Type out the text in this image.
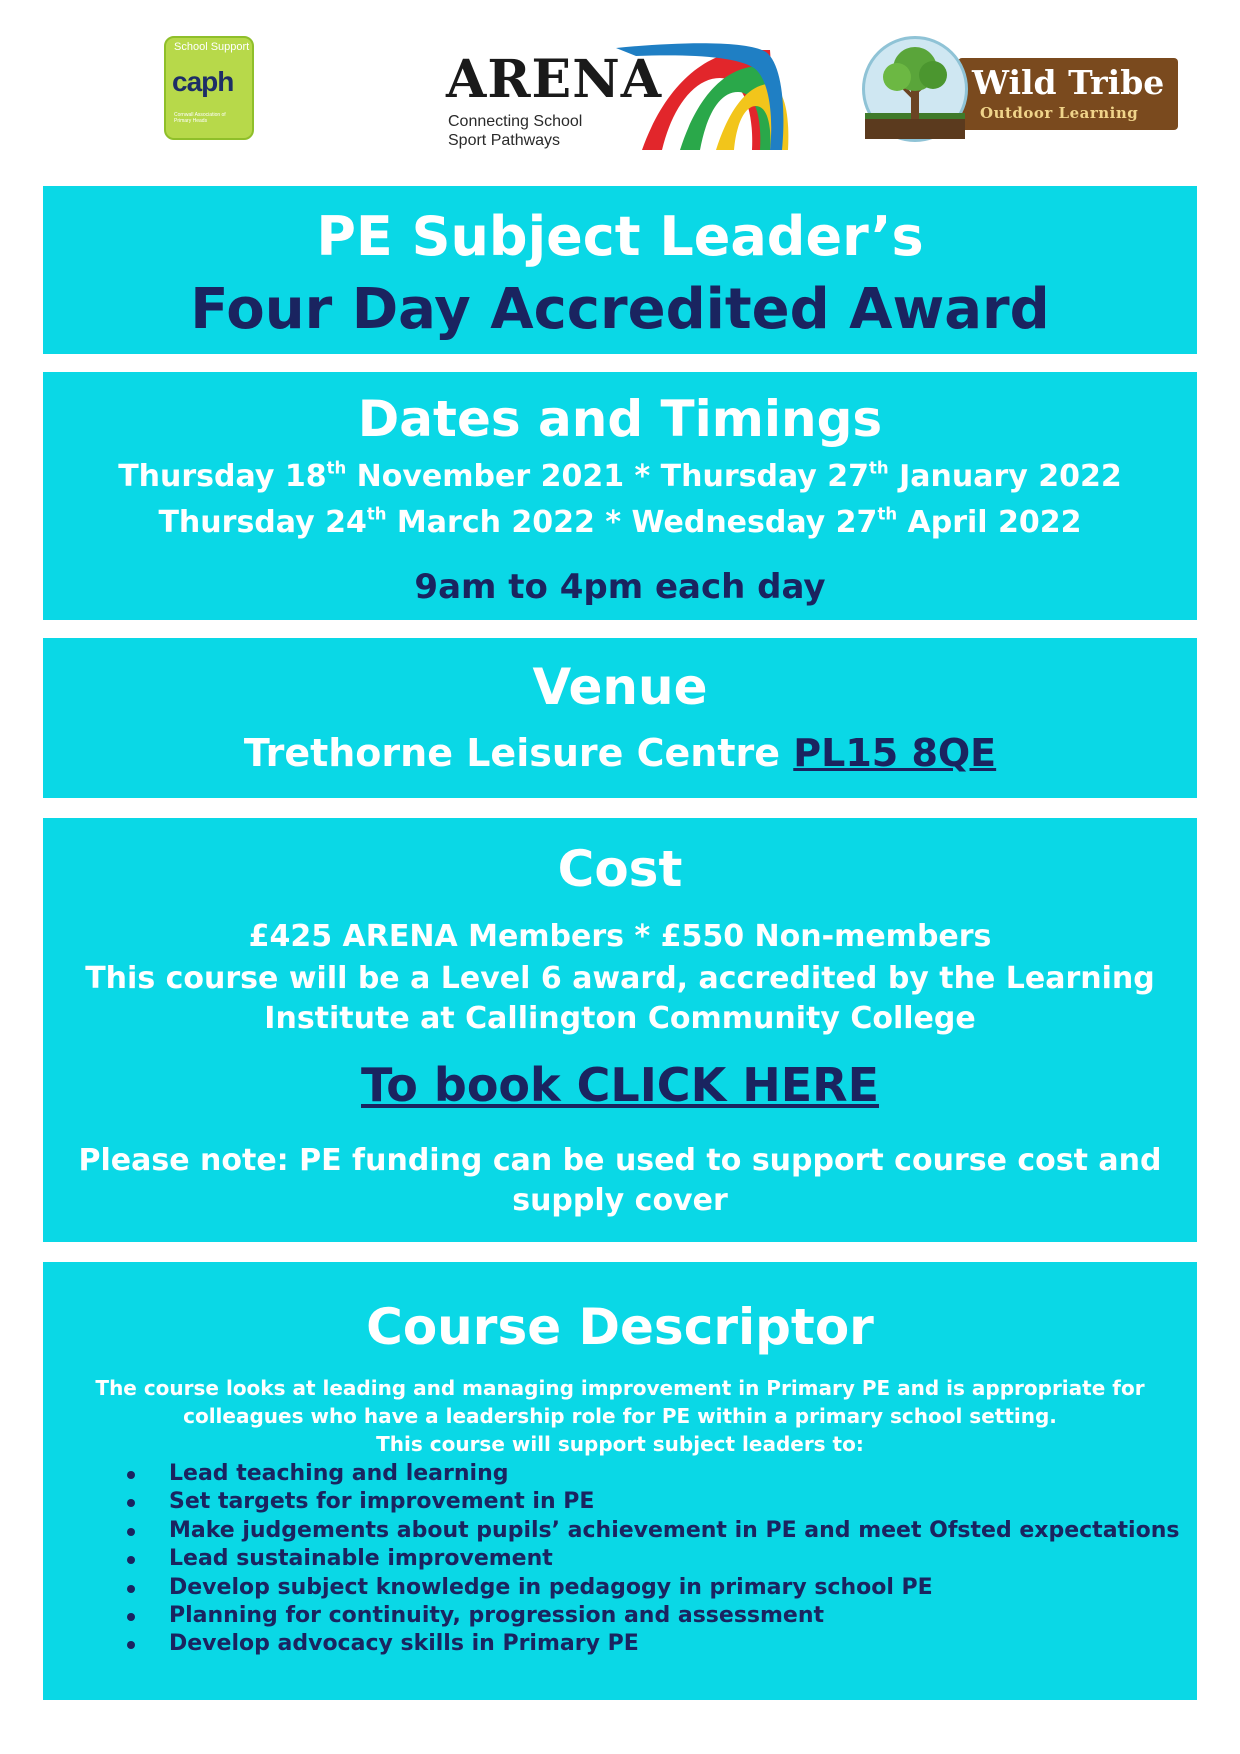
School Support Services
caph
Cornwall Association of Primary Heads
ARENA
Connecting School
Sport Pathways
Wild Tribe
Outdoor Learning
PE Subject Leader’s
Four Day Accredited Award
Dates and Timings
Thursday 18th November 2021 * Thursday 27th January 2022
Thursday 24th March 2022 * Wednesday 27th April 2022
9am to 4pm each day
Venue
Trethorne Leisure Centre PL15 8QE
Cost
£425 ARENA Members * £550 Non-members
This course will be a Level 6 award, accredited by the Learning
Institute at Callington Community College
To book CLICK HERE
Please note: PE funding can be used to support course cost and
supply cover
Course Descriptor
The course looks at leading and managing improvement in Primary PE and is appropriate for
colleagues who have a leadership role for PE within a primary school setting.
This course will support subject leaders to:
Lead teaching and learning
Set targets for improvement in PE
Make judgements about pupils’ achievement in PE and meet Ofsted expectations
Lead sustainable improvement
Develop subject knowledge in pedagogy in primary school PE
Planning for continuity, progression and assessment
Develop advocacy skills in Primary PE
